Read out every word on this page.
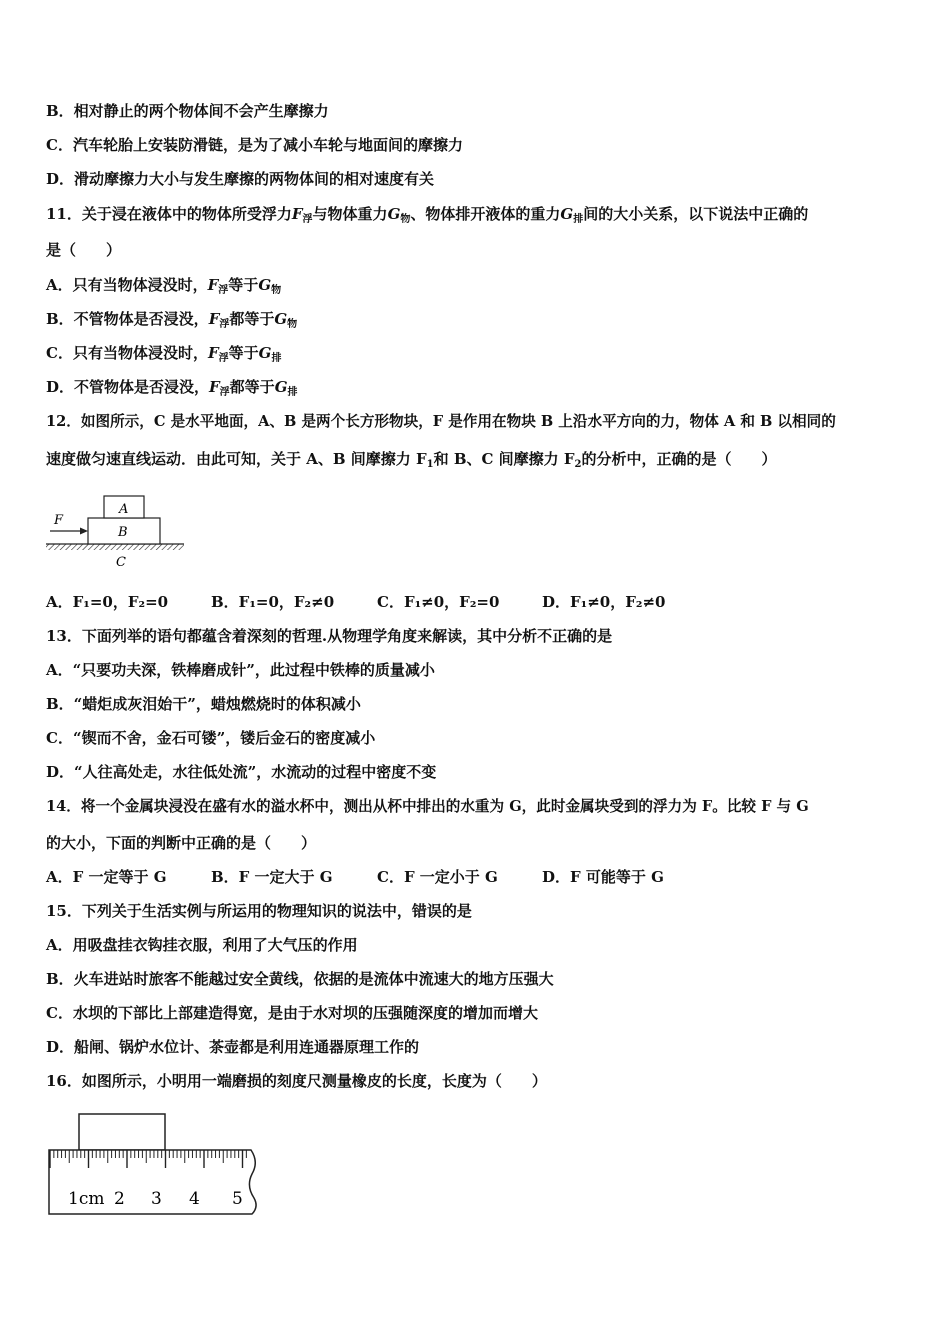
B．相对静止的两个物体间不会产生摩擦力
C．汽车轮胎上安装防滑链，是为了减小车轮与地面间的摩擦力
D．滑动摩擦力大小与发生摩擦的两物体间的相对速度有关
11．关于浸在液体中的物体所受浮力$F_浮$与物体重力$G_物$、物体排开液体的重力$G_排$间的大小关系，以下说法中正确的
是（　　）
A．只有当物体浸没时，$F_浮$等于$G_物$
B．不管物体是否浸没，$F_浮$都等于$G_物$
C．只有当物体浸没时，$F_浮$等于$G_排$
D．不管物体是否浸没，$F_浮$都等于$G_排$
12．如图所示，C 是水平地面，A、B 是两个长方形物块，F 是作用在物块 B 上沿水平方向的力，物体 A 和 B 以相同的
速度做匀速直线运动．由此可知，关于 A、B 间摩擦力 $F_1$和 B、C 间摩擦力 $F_2$的分析中，正确的是（　　）
F
A
B
C
A．F₁=0，F₂=0	B．F₁=0，F₂≠0	C．F₁≠0，F₂=0	D．F₁≠0，F₂≠0
13．下面列举的语句都蕴含着深刻的哲理.从物理学角度来解读，其中分析不正确的是
A．“只要功夫深，铁棒磨成针”，此过程中铁棒的质量减小
B．“蜡炬成灰泪始干”，蜡烛燃烧时的体积减小
C．“锲而不舍，金石可镂”，镂后金石的密度减小
D．“人往高处走，水往低处流”，水流动的过程中密度不变
14．将一个金属块浸没在盛有水的溢水杯中，测出从杯中排出的水重为 G，此时金属块受到的浮力为 F。比较 F 与 G
的大小，下面的判断中正确的是（　　）
A．F 一定等于 G	B．F 一定大于 G	C．F 一定小于 G	D．F 可能等于 G
15．下列关于生活实例与所运用的物理知识的说法中，错误的是
A．用吸盘挂衣钩挂衣服，利用了大气压的作用
B．火车进站时旅客不能越过安全黄线，依据的是流体中流速大的地方压强大
C．水坝的下部比上部建造得宽，是由于水对坝的压强随深度的增加而增大
D．船闸、锅炉水位计、茶壶都是利用连通器原理工作的
16．如图所示，小明用一端磨损的刻度尺测量橡皮的长度，长度为（　　）
1cm 2 3 4 5
